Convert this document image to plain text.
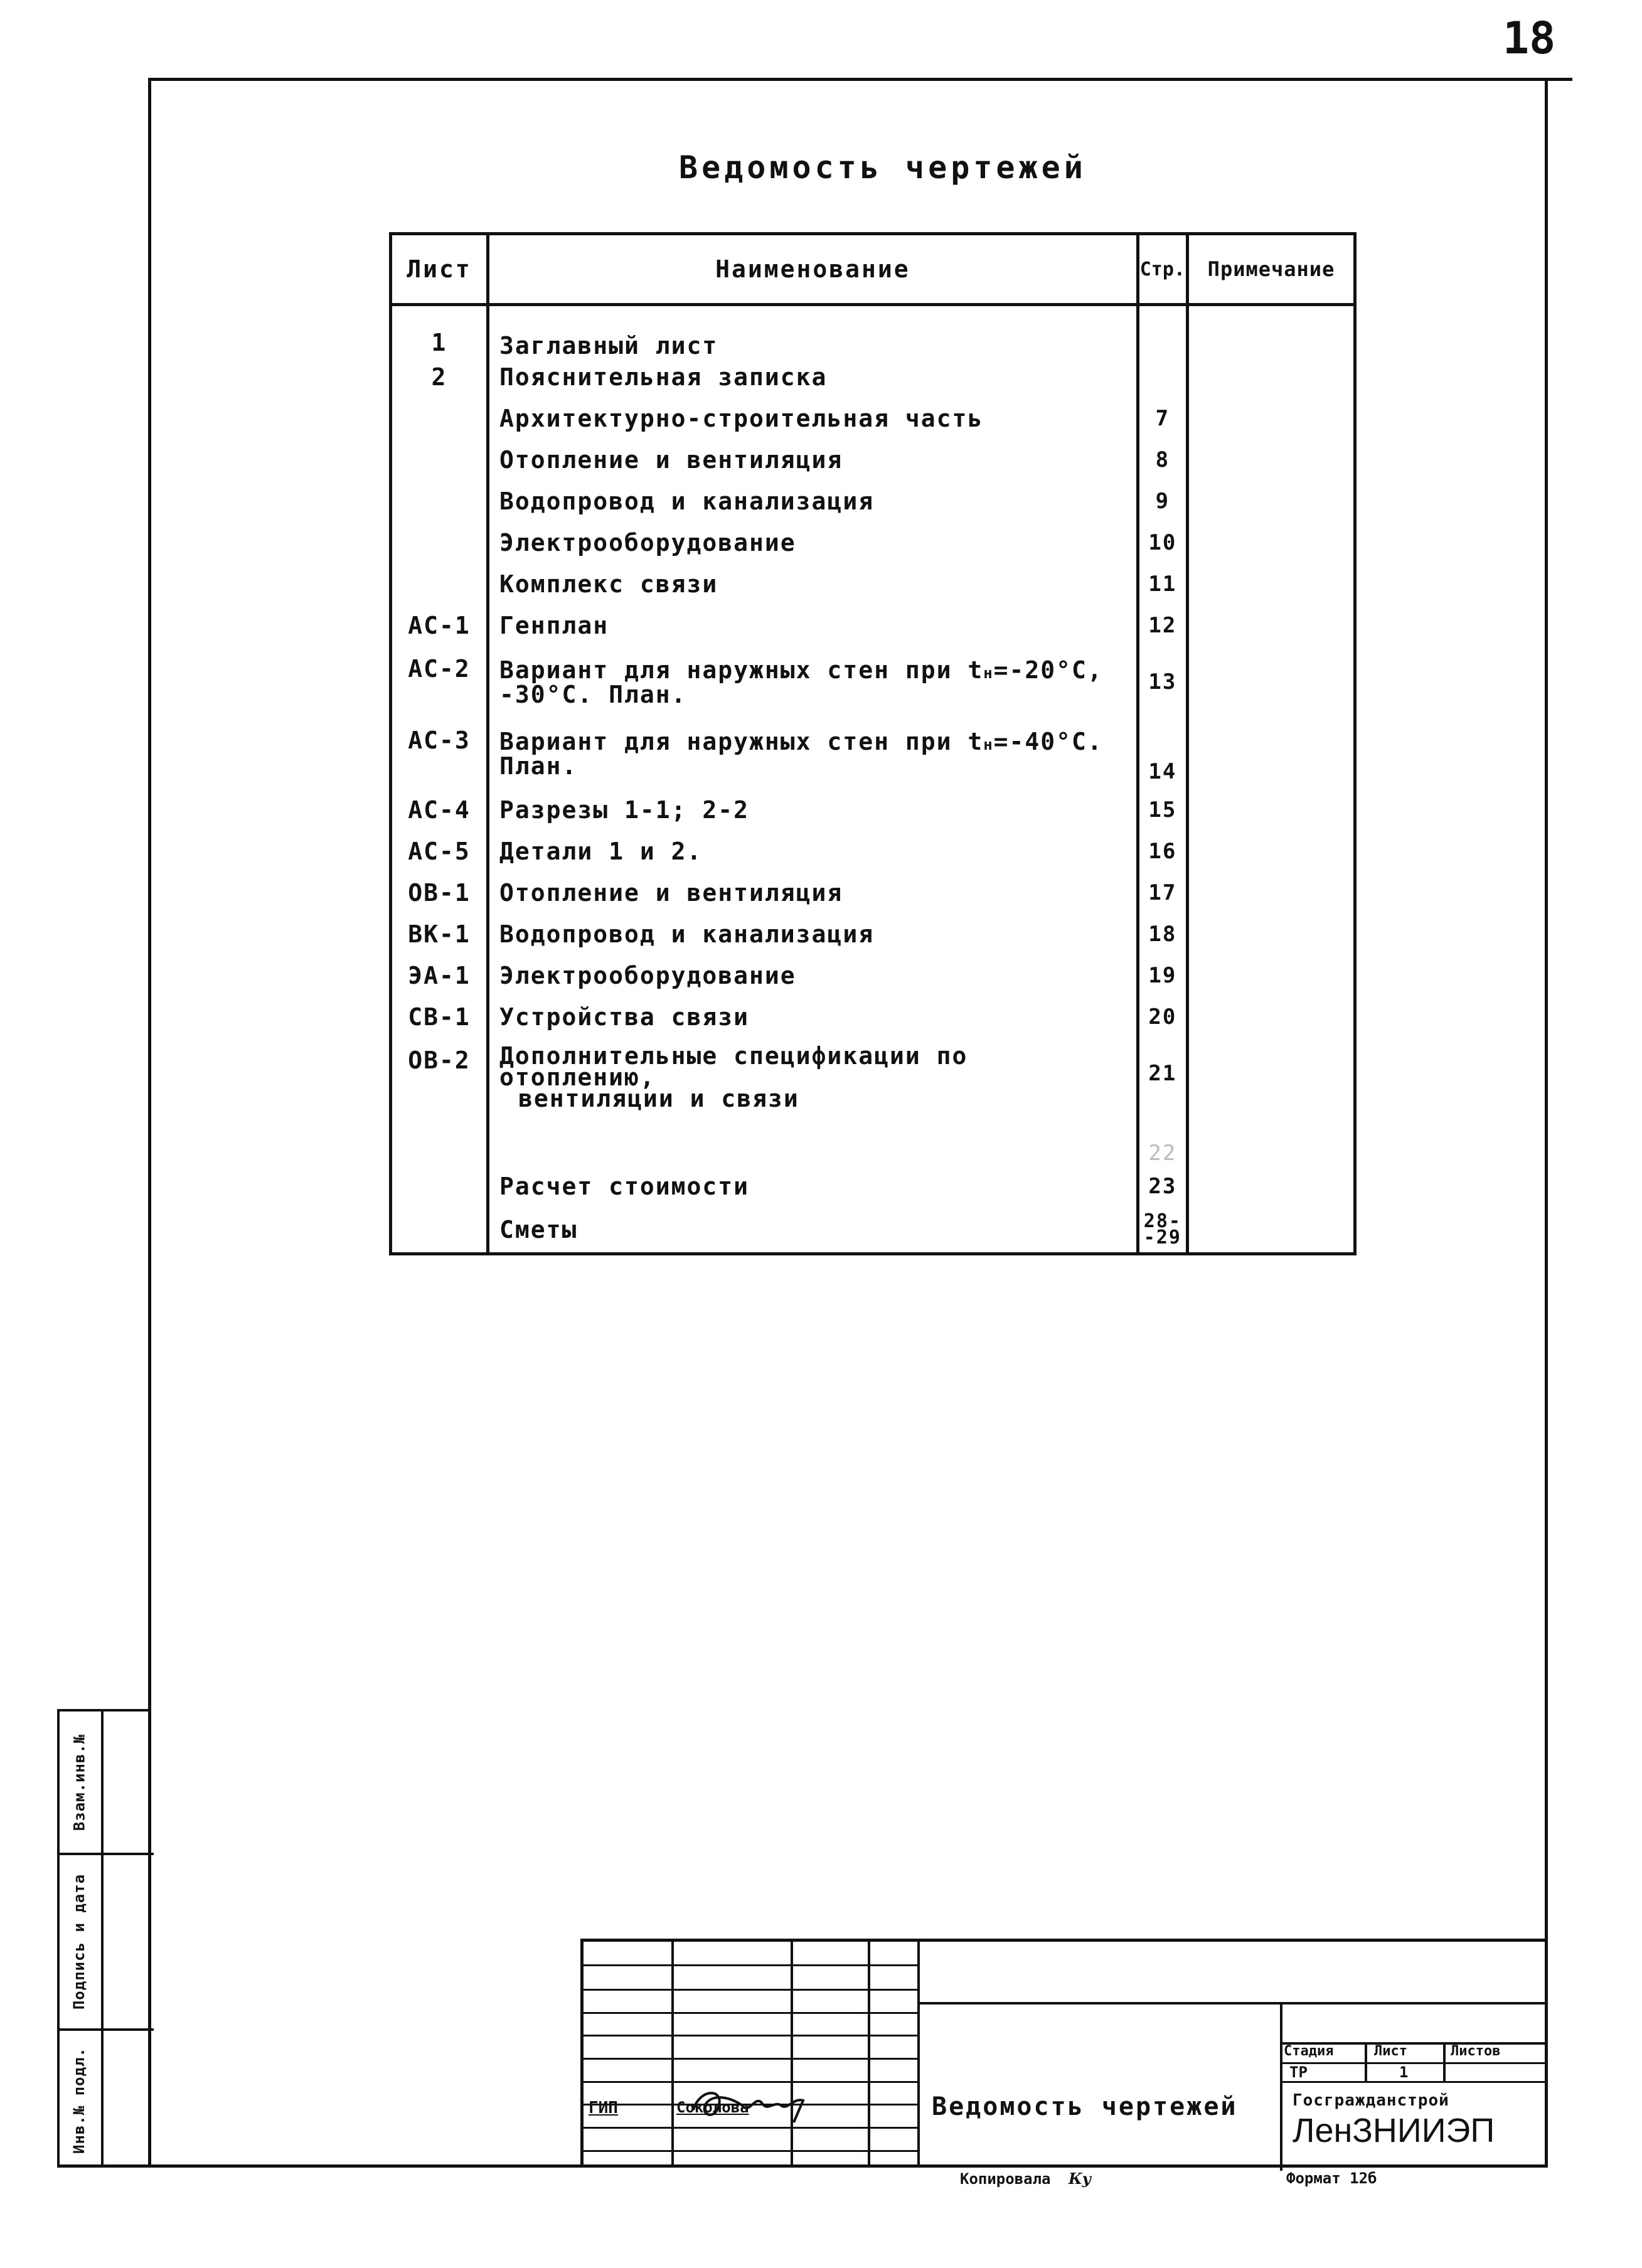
18
Взам.инв.№
Подпись и дата
Инв.№ подл.
Ведомость чертежей
Лист	Наименование	Стр.	Примечание
1	Заглавный лист		
2	Пояснительная записка		
	Архитектурно-строительная часть	7	
	Отопление и вентиляция	8	
	Водопровод и канализация	9	
	Электрооборудование	10	
	Комплекс связи	11	
АС-1	Генплан	12	
АС-2	Вариант для наружных стен при tн=-20°С,
-30°С. План.	13	
АС-3	Вариант для наружных стен при tн=-40°С.
План.	14	
АС-4	Разрезы 1-1; 2-2	15	
АС-5	Детали 1 и 2.	16	
ОВ-1	Отопление и вентиляция	17	
ВК-1	Водопровод и канализация	18	
ЭА-1	Электрооборудование	19	
СВ-1	Устройства связи	20	
ОВ-2	Дополнительные спецификации по отоплению,
вентиляции и связи	21	
		22	
	Расчет стоимости	23	
	Сметы	28-
-29	

ГИП	Соколова	Ведомость чертежей
Стадия	Лист	Листов
ТР	1
Госгражданстрой
ЛенЗНИИЭП
Копировала Ку	Формат 12б
